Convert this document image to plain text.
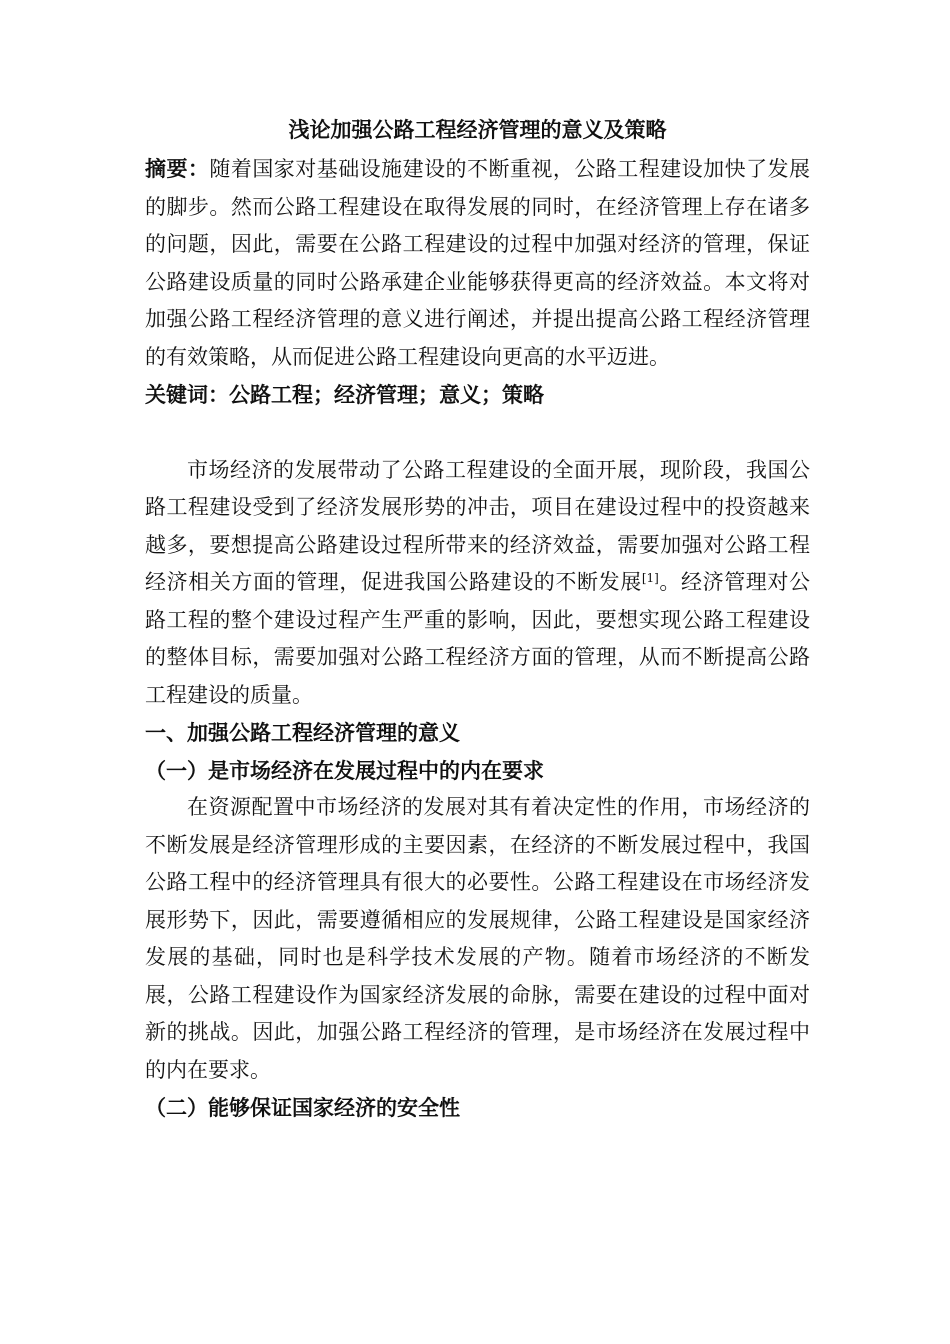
浅论加强公路工程经济管理的意义及策略

摘要：随着国家对基础设施建设的不断重视，公路工程建设加快了发展的脚步。然而公路工程建设在取得发展的同时，在经济管理上存在诸多的问题，因此，需要在公路工程建设的过程中加强对经济的管理，保证公路建设质量的同时公路承建企业能够获得更高的经济效益。本文将对加强公路工程经济管理的意义进行阐述，并提出提高公路工程经济管理的有效策略，从而促进公路工程建设向更高的水平迈进。

关键词：公路工程；经济管理；意义；策略

市场经济的发展带动了公路工程建设的全面开展，现阶段，我国公路工程建设受到了经济发展形势的冲击，项目在建设过程中的投资越来越多，要想提高公路建设过程所带来的经济效益，需要加强对公路工程经济相关方面的管理，促进我国公路建设的不断发展[1]。经济管理对公路工程的整个建设过程产生严重的影响，因此，要想实现公路工程建设的整体目标，需要加强对公路工程经济方面的管理，从而不断提高公路工程建设的质量。

一、加强公路工程经济管理的意义
（一）是市场经济在发展过程中的内在要求

在资源配置中市场经济的发展对其有着决定性的作用，市场经济的不断发展是经济管理形成的主要因素，在经济的不断发展过程中，我国公路工程中的经济管理具有很大的必要性。公路工程建设在市场经济发展形势下，因此，需要遵循相应的发展规律，公路工程建设是国家经济发展的基础，同时也是科学技术发展的产物。随着市场经济的不断发展，公路工程建设作为国家经济发展的命脉，需要在建设的过程中面对新的挑战。因此，加强公路工程经济的管理，是市场经济在发展过程中的内在要求。

（二）能够保证国家经济的安全性
